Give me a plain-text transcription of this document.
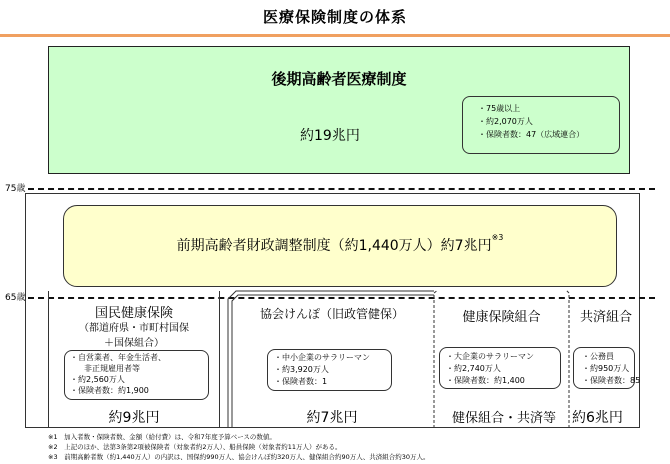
医療保険制度の体系
後期高齢者医療制度
約19兆円
・75歳以上
・約2,070万人
・保険者数：47（広域連合）
75歳
前期高齢者財政調整制度（約1,440万人）約7兆円$^{※3}$
65歳
国民健康保険
（都道府県・市町村国保
＋国保組合）
・自営業者、年金生活者、
非正規雇用者等
・約2,560万人
・保険者数：約1,900
約9兆円
協会けんぽ（旧政管健保）
・中小企業のサラリーマン
・約3,920万人
・保険者数：1
約7兆円
健康保険組合
・大企業のサラリーマン
・約2,740万人
・保険者数：約1,400
共済組合
・公務員
・約950万人
・保険者数：85
健保組合・共済等 約6兆円
※1　加入者数・保険者数、金額（給付費）は、令和7年度予算ベースの数値。
※2　上記のほか、法第3条第2項被保険者（対象者約2万人）、船員保険（対象者約11万人）がある。
※3　前期高齢者数（約1,440万人）の内訳は、国保約990万人、協会けんぽ約320万人、健保組合約90万人、共済組合約30万人。
